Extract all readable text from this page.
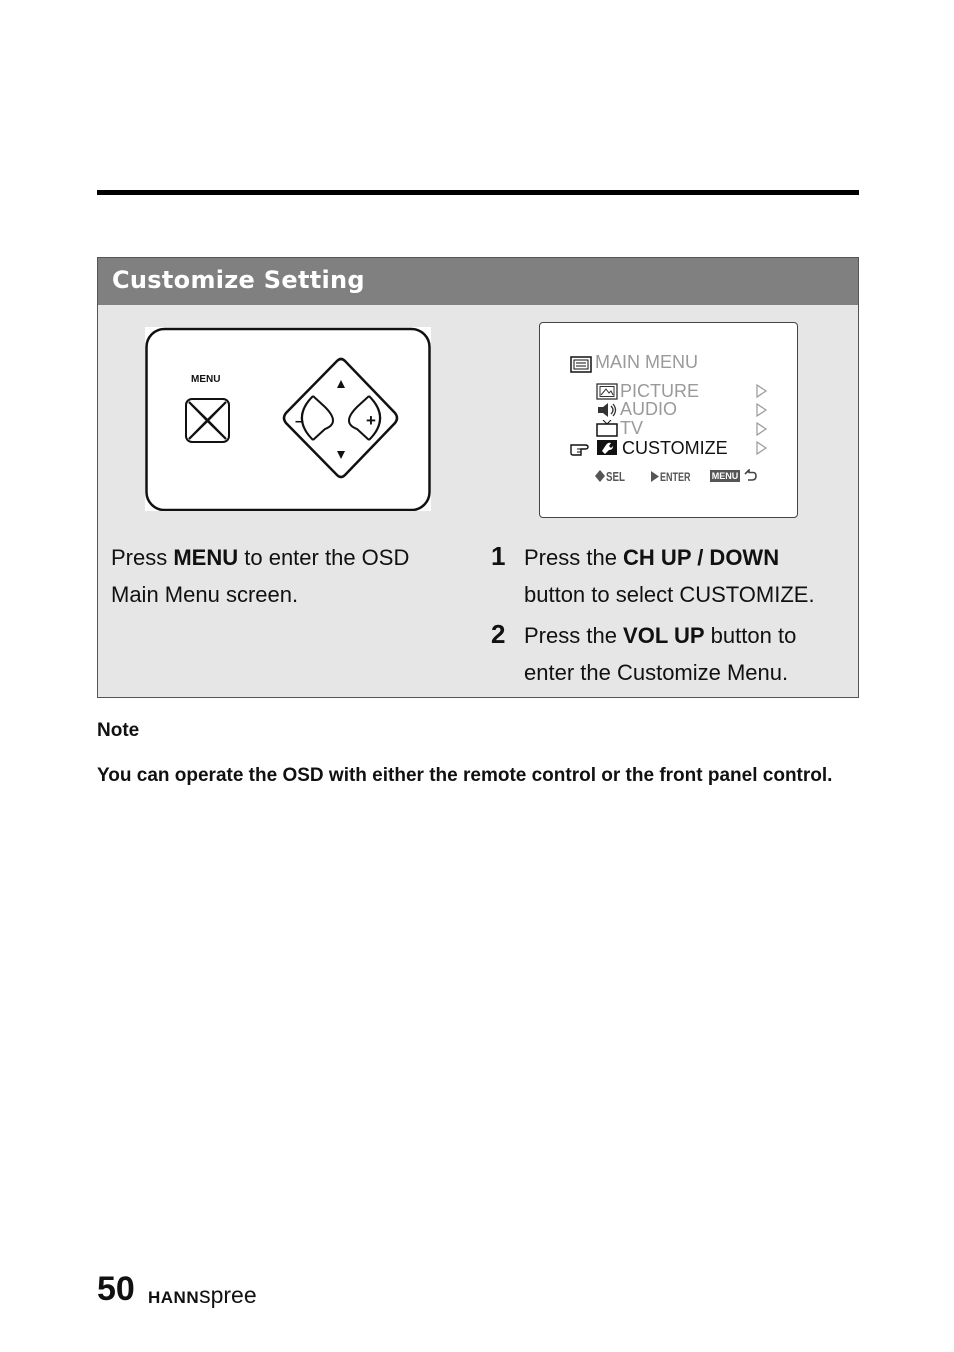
Customize Setting
MENU
–	+
MAIN MENU
PICTURE
AUDIO
TV
CUSTOMIZE
SEL	ENTER MENU
Press MENU to enter the OSD Main Menu screen.
1 Press the CH UP / DOWN button to select CUSTOMIZE.
2 Press the VOL UP button to enter the Customize Menu.
Note
You can operate the OSD with either the remote control or the front panel control.
50 HANNspree
